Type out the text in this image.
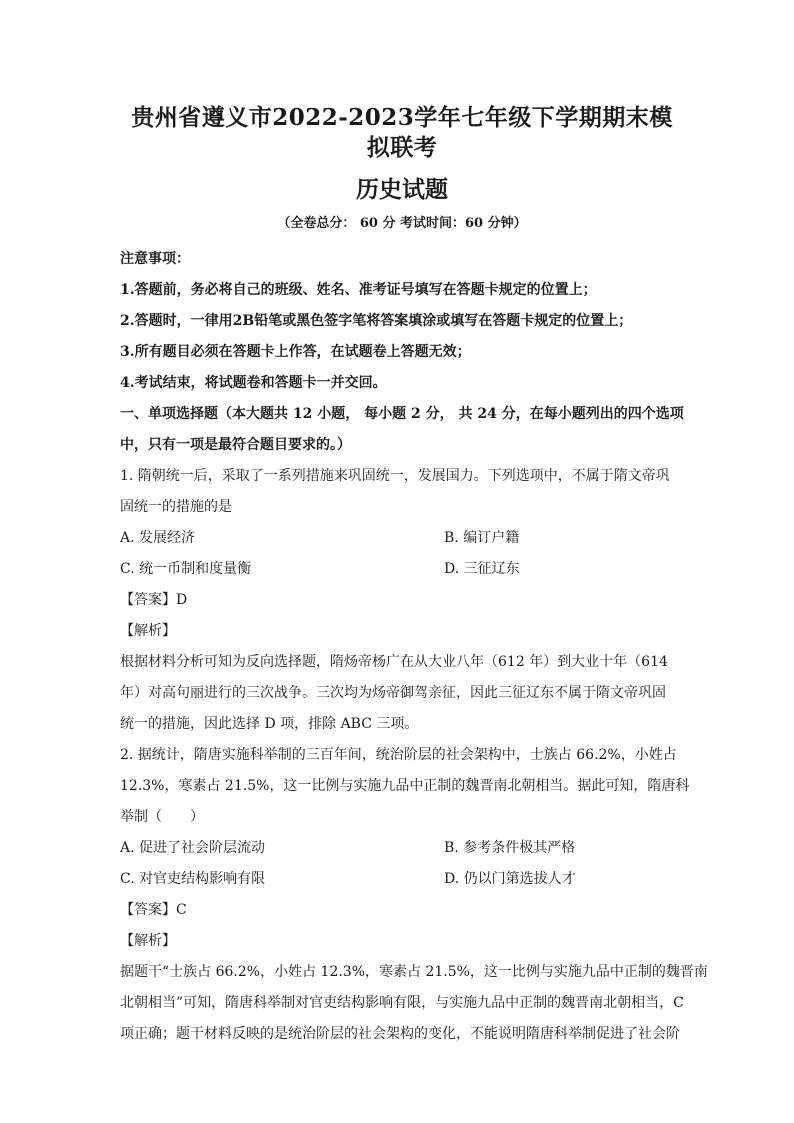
贵州省遵义市2022-2023学年七年级下学期期末模拟联考

历史试题

（全卷总分： 60 分 考试时间：60 分钟）

注意事项：

1.答题前，务必将自己的班级、姓名、准考证号填写在答题卡规定的位置上；

2.答题时，一律用2B铅笔或黑色签字笔将答案填涂或填写在答题卡规定的位置上；

3.所有题目必须在答题卡上作答，在试题卷上答题无效；

4.考试结束，将试题卷和答题卡一并交回。

一、单项选择题（本大题共 12 小题， 每小题 2 分， 共 24 分，在每小题列出的四个选项

中，只有一项是最符合题目要求的。）

1. 隋朝统一后，采取了一系列措施来巩固统一，发展国力。下列选项中，不属于隋文帝巩

固统一的措施的是

A. 发展经济	B. 编订户籍
C. 统一币制和度量衡	D. 三征辽东

【答案】D

【解析】

根据材料分析可知为反向选择题，隋炀帝杨广在从大业八年（612 年）到大业十年（614

年）对高句丽进行的三次战争。三次均为炀帝御驾亲征，因此三征辽东不属于隋文帝巩固

统一的措施，因此选择 D 项，排除 ABC 三项。

2. 据统计，隋唐实施科举制的三百年间，统治阶层的社会架构中，士族占 66.2%，小姓占

12.3%，寒素占 21.5%，这一比例与实施九品中正制的魏晋南北朝相当。据此可知，隋唐科

举制（　　）

A. 促进了社会阶层流动	B. 参考条件极其严格
C. 对官吏结构影响有限	D. 仍以门第选拔人才

【答案】C

【解析】

据题干“士族占 66.2%，小姓占 12.3%，寒素占 21.5%，这一比例与实施九品中正制的魏晋南

北朝相当”可知，隋唐科举制对官吏结构影响有限，与实施九品中正制的魏晋南北朝相当，C

项正确；题干材料反映的是统治阶层的社会架构的变化，不能说明隋唐科举制促进了社会阶
